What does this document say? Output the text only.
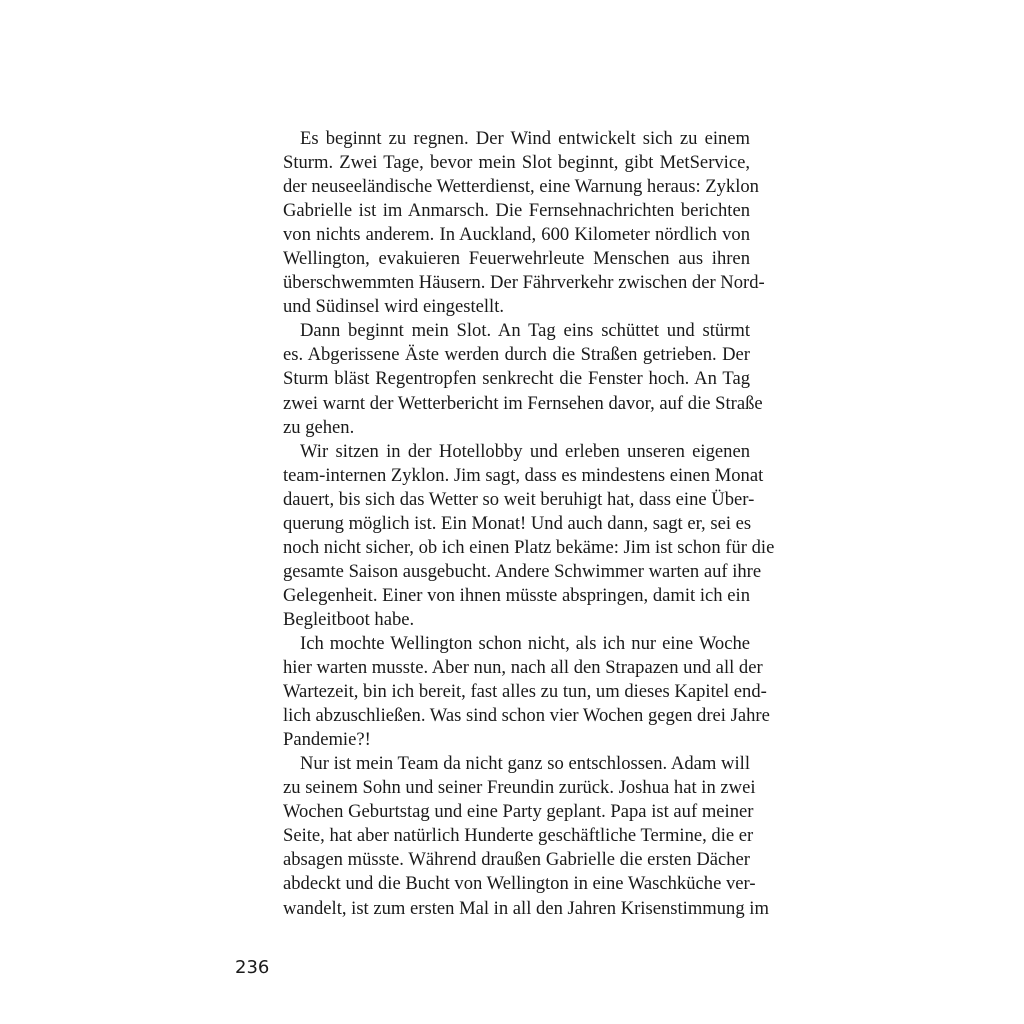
Es beginnt zu regnen. Der Wind entwickelt sich zu einem
Sturm. Zwei Tage, bevor mein Slot beginnt, gibt MetService,
der neuseeländische Wetterdienst, eine Warnung heraus: Zyklon
Gabrielle ist im Anmarsch. Die Fernsehnachrichten berichten
von nichts anderem. In Auckland, 600 Kilometer nördlich von
Wellington, evakuieren Feuerwehrleute Menschen aus ihren
überschwemmten Häusern. Der Fährverkehr zwischen der Nord-
und Südinsel wird eingestellt.

Dann beginnt mein Slot. An Tag eins schüttet und stürmt
es. Abgerissene Äste werden durch die Straßen getrieben. Der
Sturm bläst Regentropfen senkrecht die Fenster hoch. An Tag
zwei warnt der Wetterbericht im Fernsehen davor, auf die Straße
zu gehen.

Wir sitzen in der Hotellobby und erleben unseren eigenen
team-internen Zyklon. Jim sagt, dass es mindestens einen Monat
dauert, bis sich das Wetter so weit beruhigt hat, dass eine Über-
querung möglich ist. Ein Monat! Und auch dann, sagt er, sei es
noch nicht sicher, ob ich einen Platz bekäme: Jim ist schon für die
gesamte Saison ausgebucht. Andere Schwimmer warten auf ihre
Gelegenheit. Einer von ihnen müsste abspringen, damit ich ein
Begleitboot habe.

Ich mochte Wellington schon nicht, als ich nur eine Woche
hier warten musste. Aber nun, nach all den Strapazen und all der
Wartezeit, bin ich bereit, fast alles zu tun, um dieses Kapitel end-
lich abzuschließen. Was sind schon vier Wochen gegen drei Jahre
Pandemie?!

Nur ist mein Team da nicht ganz so entschlossen. Adam will
zu seinem Sohn und seiner Freundin zurück. Joshua hat in zwei
Wochen Geburtstag und eine Party geplant. Papa ist auf meiner
Seite, hat aber natürlich Hunderte geschäftliche Termine, die er
absagen müsste. Während draußen Gabrielle die ersten Dächer
abdeckt und die Bucht von Wellington in eine Waschküche ver-
wandelt, ist zum ersten Mal in all den Jahren Krisenstimmung im

236
